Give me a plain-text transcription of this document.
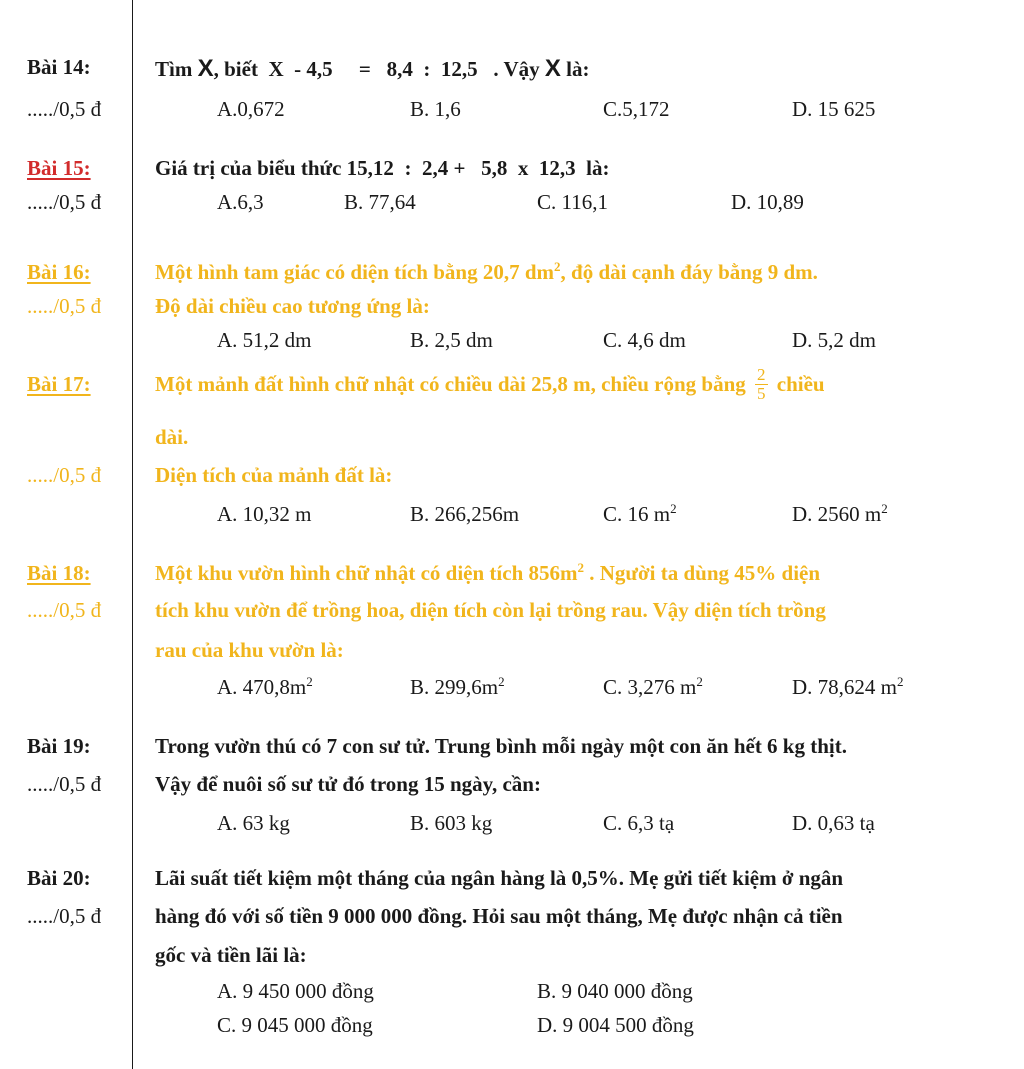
Bài 14:	Tìm X, biết X - 4,5 = 8,4 : 12,5 . Vậy X là:
...../0,5 đ	A.0,672	B. 1,6	C.5,172	D. 15 625
Bài 15:	Giá trị của biểu thức 15,12 : 2,4 + 5,8 x 12,3 là:
...../0,5 đ	A.6,3	B. 77,64	C. 116,1	D. 10,89
Bài 16:	Một hình tam giác có diện tích bằng 20,7 $dm^2$, độ dài cạnh đáy bằng 9 dm.
...../0,5 đ	Độ dài chiều cao tương ứng là:
A. 51,2 dm	B. 2,5 dm	C. 4,6 dm	D. 5,2 dm
Bài 17:	Một mảnh đất hình chữ nhật có chiều dài 25,8 m, chiều rộng bằng $\frac{2}{5}$ chiều
dài.
...../0,5 đ	Diện tích của mảnh đất là:
A. 10,32 m	B. 266,256m	C. 16 $m^2$	D. 2560 $m^2$
Bài 18:	Một khu vườn hình chữ nhật có diện tích $856m^2$ . Người ta dùng 45% diện
...../0,5 đ	tích khu vườn để trồng hoa, diện tích còn lại trồng rau. Vậy diện tích trồng
rau của khu vườn là:
A. $470,8m^2$	B. $299,6m^2$	C. 3,276 $m^2$	D. 78,624 $m^2$
Bài 19:	Trong vườn thú có 7 con sư tử. Trung bình mỗi ngày một con ăn hết 6 kg thịt.
...../0,5 đ	Vậy để nuôi số sư tử đó trong 15 ngày, cần:
A. 63 kg	B. 603 kg	C. 6,3 tạ	D. 0,63 tạ
Bài 20:	Lãi suất tiết kiệm một tháng của ngân hàng là 0,5%. Mẹ gửi tiết kiệm ở ngân
...../0,5 đ	hàng đó với số tiền 9 000 000 đồng. Hỏi sau một tháng, Mẹ được nhận cả tiền
gốc và tiền lãi là:
A. 9 450 000 đồng	B. 9 040 000 đồng
C. 9 045 000 đồng	D. 9 004 500 đồng
